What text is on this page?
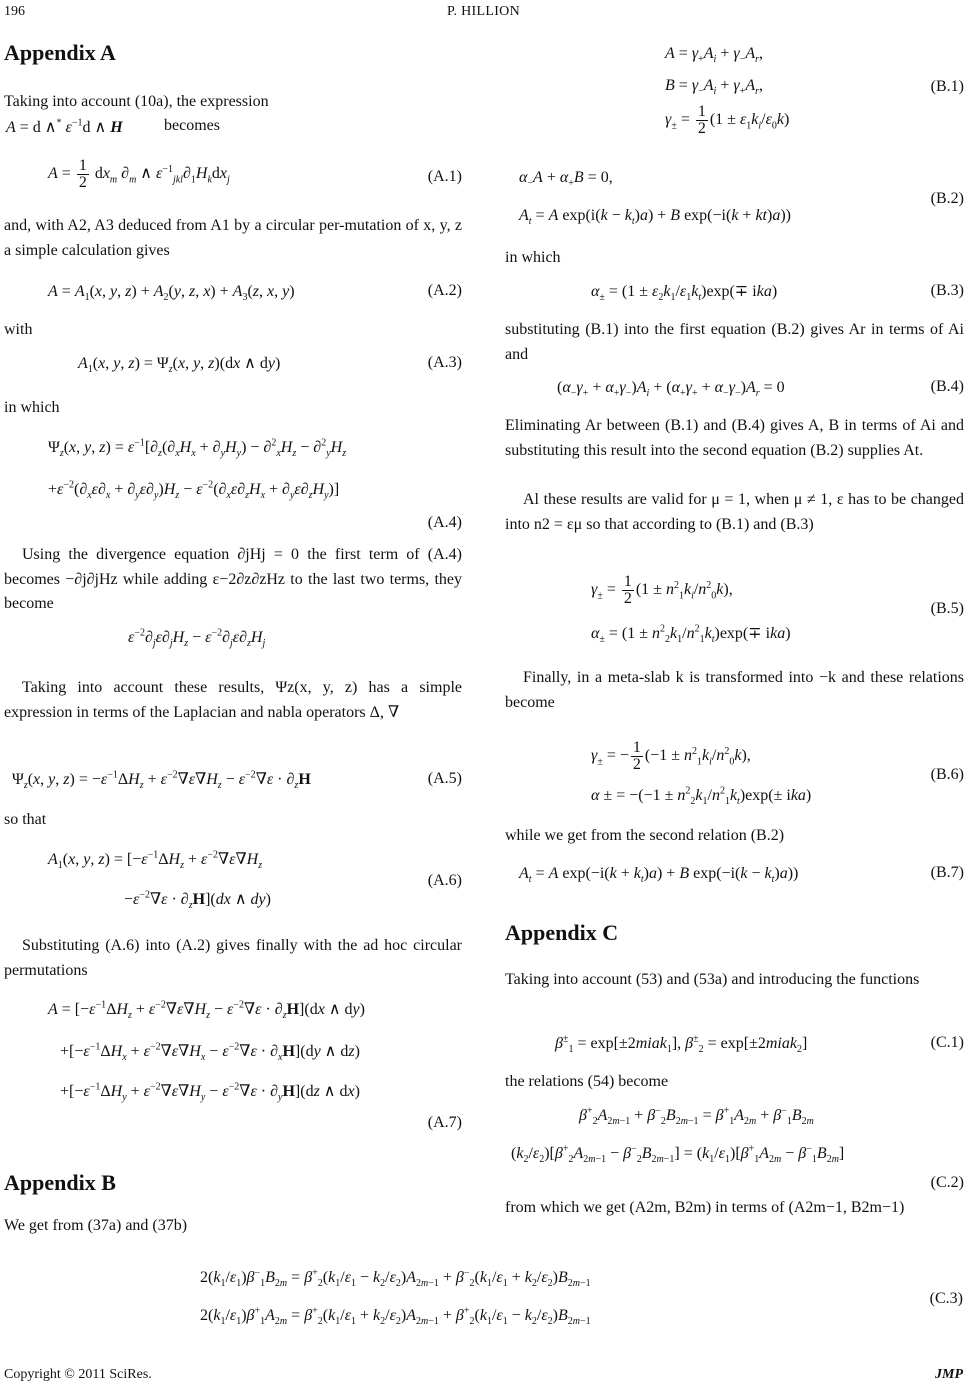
196	P. HILLION
Appendix A

Taking into account (10a), the expression

A = d ∧* $\varepsilon^{-1}d$ ∧ H	becomes

$A = \frac{1}{2} dx_m$ $\partial_m$ ∧ $\varepsilon^{-1}_{jkl}\partial_1H_kdx_j$	(A.1)

and, with A2, A3 deduced from A1 by a circular per-mutation of x, y, z a simple calculation gives

$A = A_1(x$, y, $z) + A_2(y$, z, $x) + A_3(z$, x, y)	(A.2)

with

$A_1(x$, y, $z) = \Psi_z(x$, y, z)(dx ∧ dy)	(A.3)

in which

$\Psi_z(x$, y, $z) = \varepsilon^{-1}[\partial_z(\partial_xH_x + \partial_yH_y) - \partial^2_xH_z - \partial^2_yH_z$
$+\varepsilon^{-2}(\partial_x\varepsilon\partial_x + \partial_y\varepsilon\partial_y)H_z - \varepsilon^{-2}(\partial_x\varepsilon\partial_zH_x + \partial_y\varepsilon\partial_zH_y)$]
(A.4)

Using the divergence equation ∂jHj = 0 the first term of (A.4) becomes −∂j∂jHz while adding ε−2∂z∂zHz to the last two terms, they become

$\varepsilon^{-2}\partial_j\varepsilon\partial_jH_z - \varepsilon^{-2}\partial_j\varepsilon\partial_zH_j$

Taking into account these results, Ψz(x, y, z) has a simple expression in terms of the Laplacian and nabla operators Δ, ∇

$\Psi_z(x$, y, $z) = -\varepsilon^{-1}\Delta H_z + \varepsilon^{-2}\nabla\varepsilon\nabla H_z - \varepsilon^{-2}\nabla\varepsilon \cdot \partial_zH$	(A.5)

so that

$A_1(x$, y, $z) = [-\varepsilon^{-1}\Delta H_z + \varepsilon^{-2}\nabla\varepsilon\nabla H_z$
$-\varepsilon^{-2}\nabla\varepsilon \cdot \partial_zH](dx$ ∧ dy)
(A.6)

Substituting (A.6) into (A.2) gives finally with the ad hoc circular permutations

$A = [-\varepsilon^{-1}\Delta H_z + \varepsilon^{-2}\nabla\varepsilon\nabla H_z - \varepsilon^{-2}\nabla\varepsilon \cdot \partial_zH](dx$ ∧ dy)
$+[-\varepsilon^{-1}\Delta H_x + \varepsilon^{-2}\nabla\varepsilon\nabla H_x - \varepsilon^{-2}\nabla\varepsilon \cdot \partial_xH](dy$ ∧ dz)
$+[-\varepsilon^{-1}\Delta H_y + \varepsilon^{-2}\nabla\varepsilon\nabla H_y - \varepsilon^{-2}\nabla\varepsilon \cdot \partial_yH](dz$ ∧ dx)
(A.7)
Appendix B

We get from (37a) and (37b)

$2(k_1/\varepsilon_1)\beta^-_1B_{2m} = \beta^+_2(k_1/\varepsilon_1 - k_2/\varepsilon_2)A_{2m-1} + \beta^-_2(k_1/\varepsilon_1 + k_2/\varepsilon_2)B_{2m-1}$
$2(k_1/\varepsilon_1)\beta^+_1A_{2m} = \beta^+_2(k_1/\varepsilon_1 + k_2/\varepsilon_2)A_{2m-1} + \beta^+_2(k_1/\varepsilon_1 - k_2/\varepsilon_2)B_{2m-1}$
(C.3)
$A = \gamma_+A_i + \gamma_-A_r$,
$B = \gamma_-A_i + \gamma_+A_r$,
$\gamma_\pm = \frac{1}{2} (1 \pm \varepsilon_1k_i/\varepsilon_0k)$
(B.1)
$\alpha_-A + \alpha_+B = 0$,
$A_t = A$ $\exp(i(k - k_t)a) + B$ exp(−i(k + kt)a))
(B.2)

in which

$\alpha_\pm = (1 \pm \varepsilon_2k_1/\varepsilon_1k_t)\exp(\mp ika)$	(B.3)

substituting (B.1) into the first equation (B.2) gives Ar in terms of Ai and

$(\alpha_-\gamma_+ + \alpha_+\gamma_-)A_i + (\alpha_+\gamma_+ + \alpha_-\gamma_-)A_r = 0$	(B.4)

Eliminating Ar between (B.1) and (B.4) gives A, B in terms of Ai and substituting this result into the second equation (B.2) supplies At.

Al these results are valid for μ = 1, when μ ≠ 1, ε has to be changed into n2 = εμ so that according to (B.1) and (B.3)

$\gamma_\pm = \frac{1}{2} (1 \pm n^2_1k_i/n^2_0k)$,
$\alpha_\pm = (1 \pm n^2_2k_1/n^2_1k_t)\exp(\mp ika)$
(B.5)

Finally, in a meta-slab k is transformed into −k and these relations become

$\gamma_\pm$ = − $\frac{1}{2} (-1 \pm n^2_1k_i/n^2_0k)$,
α ± = $-(-1 \pm n^2_2k_1/n^2_1k_t)\exp(\pm ika)$
(B.6)

while we get from the second relation (B.2)

$A_t = A$ $\exp(-i(k + k_t)a) + B$ $\exp(-i(k - k_t)a)$)	(B.7)
Appendix C

Taking into account (53) and (53a) and introducing the functions

$\beta^\pm_1$ = exp[±2miak$_1$], $\beta^\pm_2$ = exp[±2miak$_2$]	(C.1)

the relations (54) become

$\beta^+_2A_{2m-1} + \beta^-_2B_{2m-1} = \beta^+_1A_{2m} + \beta^-_1B_{2m}$
$(k_2/\varepsilon_2)[\beta^+_2A_{2m-1} - \beta^-_2B_{2m-1}] = (k_1/\varepsilon_1)[\beta^+_1A_{2m} - \beta^-_1B_{2m}]$
(C.2)

from which we get (A2m, B2m) in terms of (A2m−1, B2m−1)

Copyright © 2011 SciRes.	JMP
